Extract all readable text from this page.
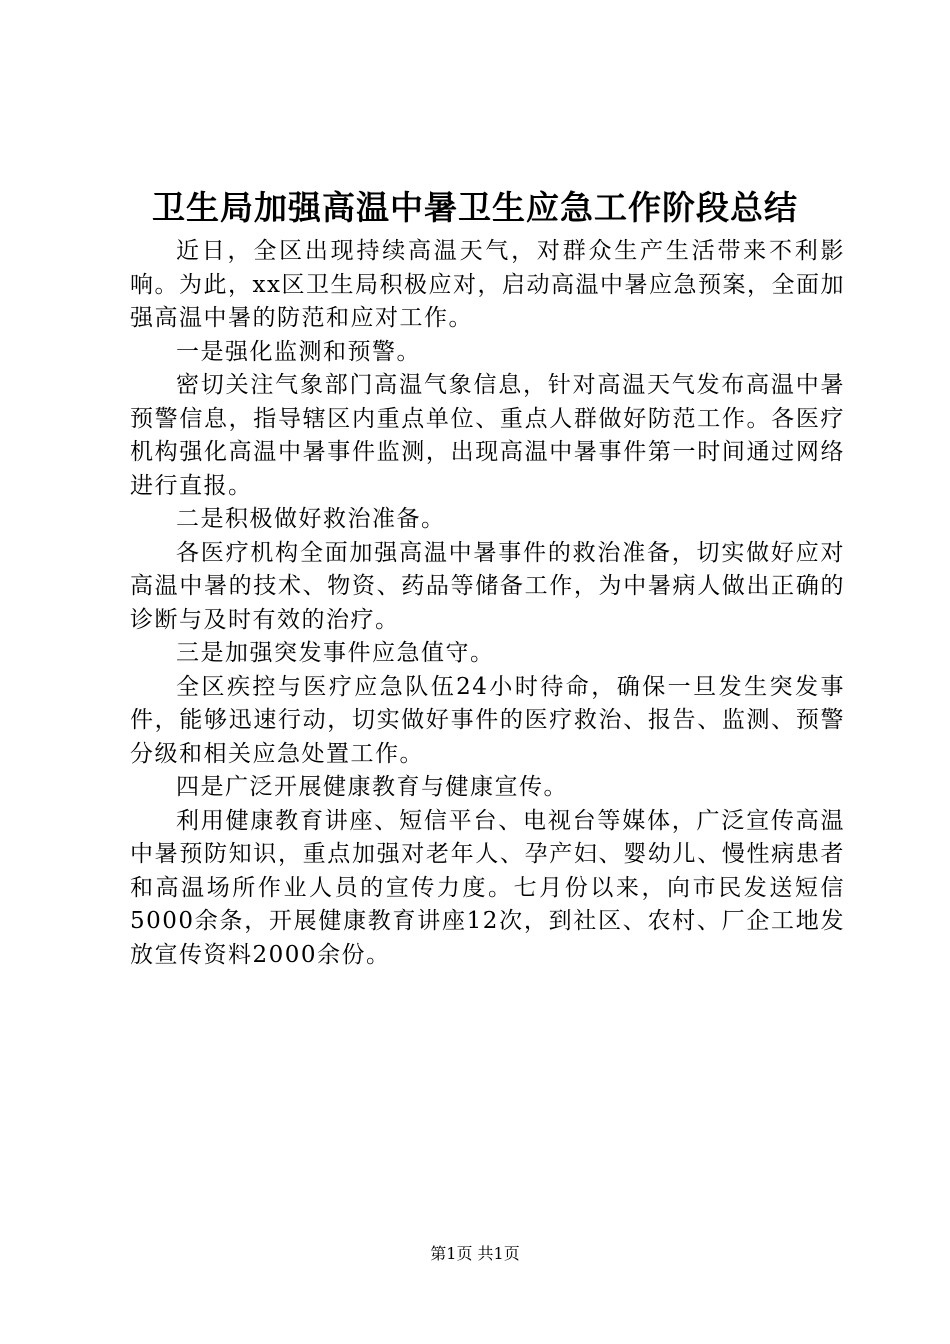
卫生局加强高温中暑卫生应急工作阶段总结

近日，全区出现持续高温天气，对群众生产生活带来不利影响。为此，xx区卫生局积极应对，启动高温中暑应急预案，全面加强高温中暑的防范和应对工作。

一是强化监测和预警。

密切关注气象部门高温气象信息，针对高温天气发布高温中暑预警信息，指导辖区内重点单位、重点人群做好防范工作。各医疗机构强化高温中暑事件监测，出现高温中暑事件第一时间通过网络进行直报。

二是积极做好救治准备。

各医疗机构全面加强高温中暑事件的救治准备，切实做好应对高温中暑的技术、物资、药品等储备工作，为中暑病人做出正确的诊断与及时有效的治疗。

三是加强突发事件应急值守。

全区疾控与医疗应急队伍24小时待命，确保一旦发生突发事件，能够迅速行动，切实做好事件的医疗救治、报告、监测、预警分级和相关应急处置工作。

四是广泛开展健康教育与健康宣传。

利用健康教育讲座、短信平台、电视台等媒体，广泛宣传高温中暑预防知识，重点加强对老年人、孕产妇、婴幼儿、慢性病患者和高温场所作业人员的宣传力度。七月份以来，向市民发送短信5000余条，开展健康教育讲座12次，到社区、农村、厂企工地发放宣传资料2000余份。

第1页 共1页
